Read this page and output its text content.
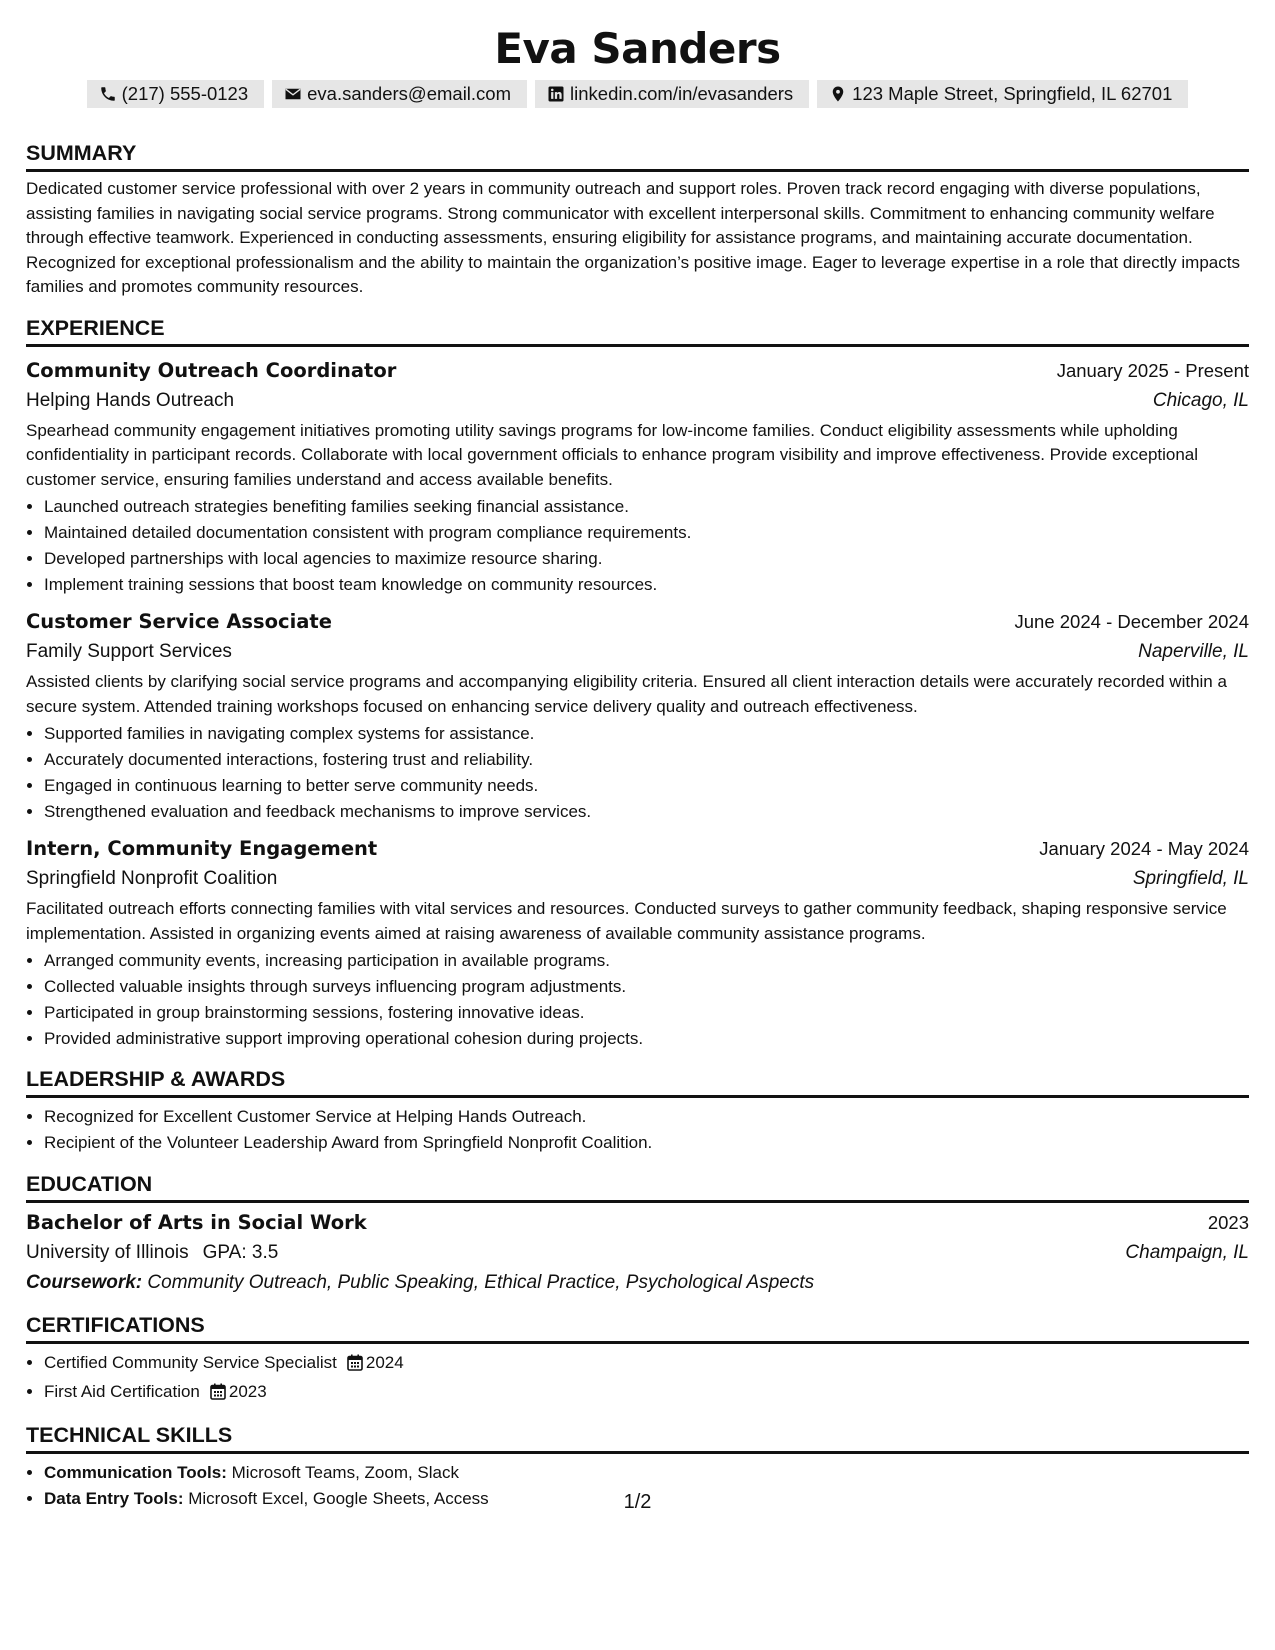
Eva Sanders
(217) 555-0123	eva.sanders@email.com	linkedin.com/in/evasanders	123 Maple Street, Springfield, IL 62701
SUMMARY
Dedicated customer service professional with over 2 years in community outreach and support roles. Proven track record engaging with diverse populations, assisting families in navigating social service programs. Strong communicator with excellent interpersonal skills. Commitment to enhancing community welfare through effective teamwork. Experienced in conducting assessments, ensuring eligibility for assistance programs, and maintaining accurate documentation. Recognized for exceptional professionalism and the ability to maintain the organization’s positive image. Eager to leverage expertise in a role that directly impacts families and promotes community resources.
EXPERIENCE
Community Outreach Coordinator	January 2025 - Present
Helping Hands Outreach	Chicago, IL
Spearhead community engagement initiatives promoting utility savings programs for low-income families. Conduct eligibility assessments while upholding confidentiality in participant records. Collaborate with local government officials to enhance program visibility and improve effectiveness. Provide exceptional customer service, ensuring families understand and access available benefits.
• Launched outreach strategies benefiting families seeking financial assistance.
• Maintained detailed documentation consistent with program compliance requirements.
• Developed partnerships with local agencies to maximize resource sharing.
• Implement training sessions that boost team knowledge on community resources.
Customer Service Associate	June 2024 - December 2024
Family Support Services	Naperville, IL
Assisted clients by clarifying social service programs and accompanying eligibility criteria. Ensured all client interaction details were accurately recorded within a secure system. Attended training workshops focused on enhancing service delivery quality and outreach effectiveness.
• Supported families in navigating complex systems for assistance.
• Accurately documented interactions, fostering trust and reliability.
• Engaged in continuous learning to better serve community needs.
• Strengthened evaluation and feedback mechanisms to improve services.
Intern, Community Engagement	January 2024 - May 2024
Springfield Nonprofit Coalition	Springfield, IL
Facilitated outreach efforts connecting families with vital services and resources. Conducted surveys to gather community feedback, shaping responsive service implementation. Assisted in organizing events aimed at raising awareness of available community assistance programs.
• Arranged community events, increasing participation in available programs.
• Collected valuable insights through surveys influencing program adjustments.
• Participated in group brainstorming sessions, fostering innovative ideas.
• Provided administrative support improving operational cohesion during projects.
LEADERSHIP & AWARDS
• Recognized for Excellent Customer Service at Helping Hands Outreach.
• Recipient of the Volunteer Leadership Award from Springfield Nonprofit Coalition.
EDUCATION
Bachelor of Arts in Social Work	2023
University of Illinois GPA: 3.5	Champaign, IL
Coursework: Community Outreach, Public Speaking, Ethical Practice, Psychological Aspects
CERTIFICATIONS
• Certified Community Service Specialist 2024
• First Aid Certification 2023
TECHNICAL SKILLS
• Communication Tools: Microsoft Teams, Zoom, Slack
• Data Entry Tools: Microsoft Excel, Google Sheets, Access	1/2
